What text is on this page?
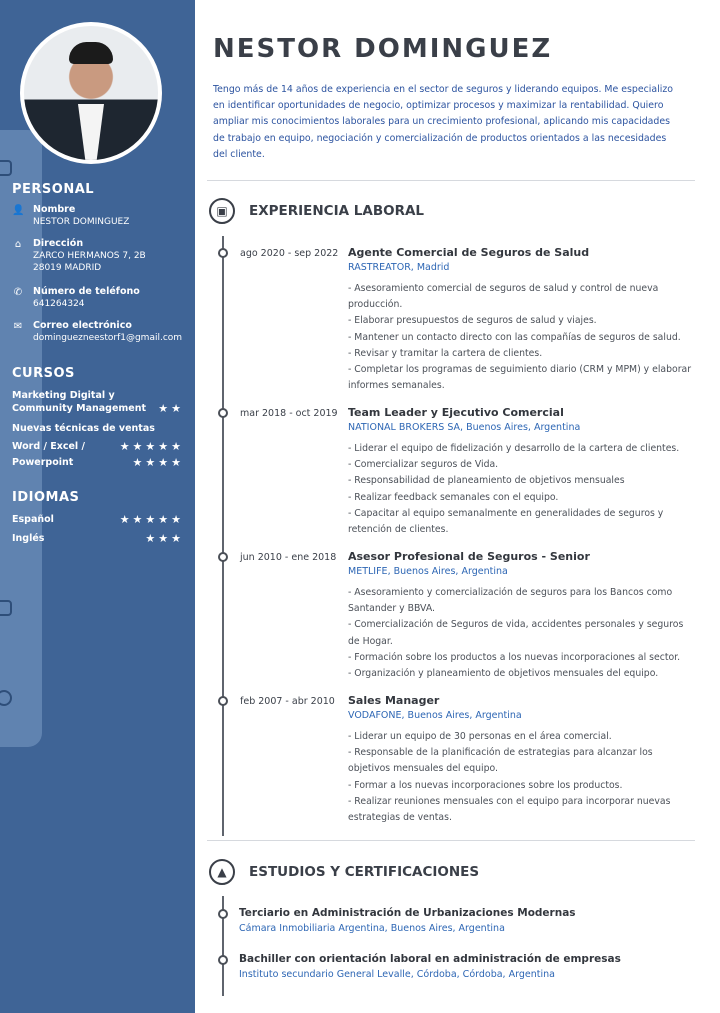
PERSONAL
👤 Nombre
NESTOR DOMINGUEZ
⌂ Dirección
ZARCO HERMANOS 7, 2B 28019 MADRID
✆ Número de teléfono
641264324
✉ Correo electrónico
dominguezneestorf1@gmail.com
CURSOS
Marketing Digital y Community Management	★★
Nuevas técnicas de ventas
Word / Excel /	★★★★★
Powerpoint	★★★★
IDIOMAS
Español	★★★★★
Inglés	★★★
NESTOR DOMINGUEZ
Tengo más de 14 años de experiencia en el sector de seguros y liderando equipos. Me especializo en identificar oportunidades de negocio, optimizar procesos y maximizar la rentabilidad. Quiero ampliar mis conocimientos laborales para un crecimiento profesional, aplicando mis capacidades de trabajo en equipo, negociación y comercialización de productos orientados a las necesidades del cliente.
▣	EXPERIENCIA LABORAL
ago 2020 - sep 2022 Agente Comercial de Seguros de Salud
RASTREATOR, Madrid
- Asesoramiento comercial de seguros de salud y control de nueva producción.
- Elaborar presupuestos de seguros de salud y viajes.
- Mantener un contacto directo con las compañías de seguros de salud.
- Revisar y tramitar la cartera de clientes.
- Completar los programas de seguimiento diario (CRM y MPM) y elaborar informes semanales.
mar 2018 - oct 2019 Team Leader y Ejecutivo Comercial
NATIONAL BROKERS SA, Buenos Aires, Argentina
- Liderar el equipo de fidelización y desarrollo de la cartera de clientes.
- Comercializar seguros de Vida.
- Responsabilidad de planeamiento de objetivos mensuales
- Realizar feedback semanales con el equipo.
- Capacitar al equipo semanalmente en generalidades de seguros y retención de clientes.
jun 2010 - ene 2018 Asesor Profesional de Seguros - Senior
METLIFE, Buenos Aires, Argentina
- Asesoramiento y comercialización de seguros para los Bancos como Santander y BBVA.
- Comercialización de Seguros de vida, accidentes personales y seguros de Hogar.
- Formación sobre los productos a los nuevas incorporaciones al sector.
- Organización y planeamiento de objetivos mensuales del equipo.
feb 2007 - abr 2010 Sales Manager
VODAFONE, Buenos Aires, Argentina
- Liderar un equipo de 30 personas en el área comercial.
- Responsable de la planificación de estrategias para alcanzar los objetivos mensuales del equipo.
- Formar a los nuevas incorporaciones sobre los productos.
- Realizar reuniones mensuales con el equipo para incorporar nuevas estrategias de ventas.
▲	ESTUDIOS Y CERTIFICACIONES
Terciario en Administración de Urbanizaciones Modernas
Cámara Inmobiliaria Argentina, Buenos Aires, Argentina
Bachiller con orientación laboral en administración de empresas
Instituto secundario General Levalle, Córdoba, Córdoba, Argentina
